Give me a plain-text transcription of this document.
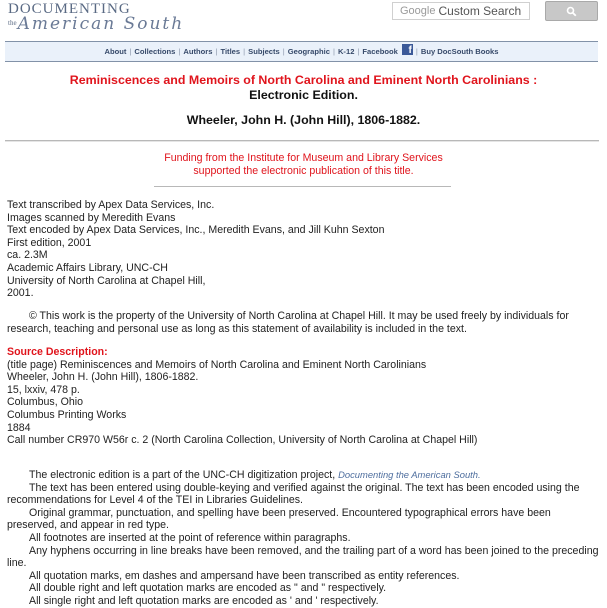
DOCUMENTING
the American South
Google Custom Search
About | Collections | Authors | Titles | Subjects | Geographic | K-12 | Facebook	f | Buy DocSouth Books
Reminiscences and Memoirs of North Carolina and Eminent North Carolinians :
Electronic Edition.
Wheeler, John H. (John Hill), 1806-1882.
Funding from the Institute for Museum and Library Services
supported the electronic publication of this title.
Text transcribed by Apex Data Services, Inc.
Images scanned by Meredith Evans
Text encoded by Apex Data Services, Inc., Meredith Evans, and Jill Kuhn Sexton
First edition, 2001
ca. 2.3M
Academic Affairs Library, UNC-CH
University of North Carolina at Chapel Hill,
2001.
© This work is the property of the University of North Carolina at Chapel Hill. It may be used freely by individuals for research, teaching and personal use as long as this statement of availability is included in the text.
Source Description:
(title page) Reminiscences and Memoirs of North Carolina and Eminent North Carolinians
Wheeler, John H. (John Hill), 1806-1882.
15, lxxiv, 478 p.
Columbus, Ohio
Columbus Printing Works
1884
Call number CR970 W56r c. 2 (North Carolina Collection, University of North Carolina at Chapel Hill)
The electronic edition is a part of the UNC-CH digitization project, Documenting the American South.
The text has been entered using double-keying and verified against the original. The text has been encoded using the recommendations for Level 4 of the TEI in Libraries Guidelines.
Original grammar, punctuation, and spelling have been preserved. Encountered typographical errors have been preserved, and appear in red type.
All footnotes are inserted at the point of reference within paragraphs.
Any hyphens occurring in line breaks have been removed, and the trailing part of a word has been joined to the preceding line.
All quotation marks, em dashes and ampersand have been transcribed as entity references.
All double right and left quotation marks are encoded as " and " respectively.
All single right and left quotation marks are encoded as ' and ' respectively.
